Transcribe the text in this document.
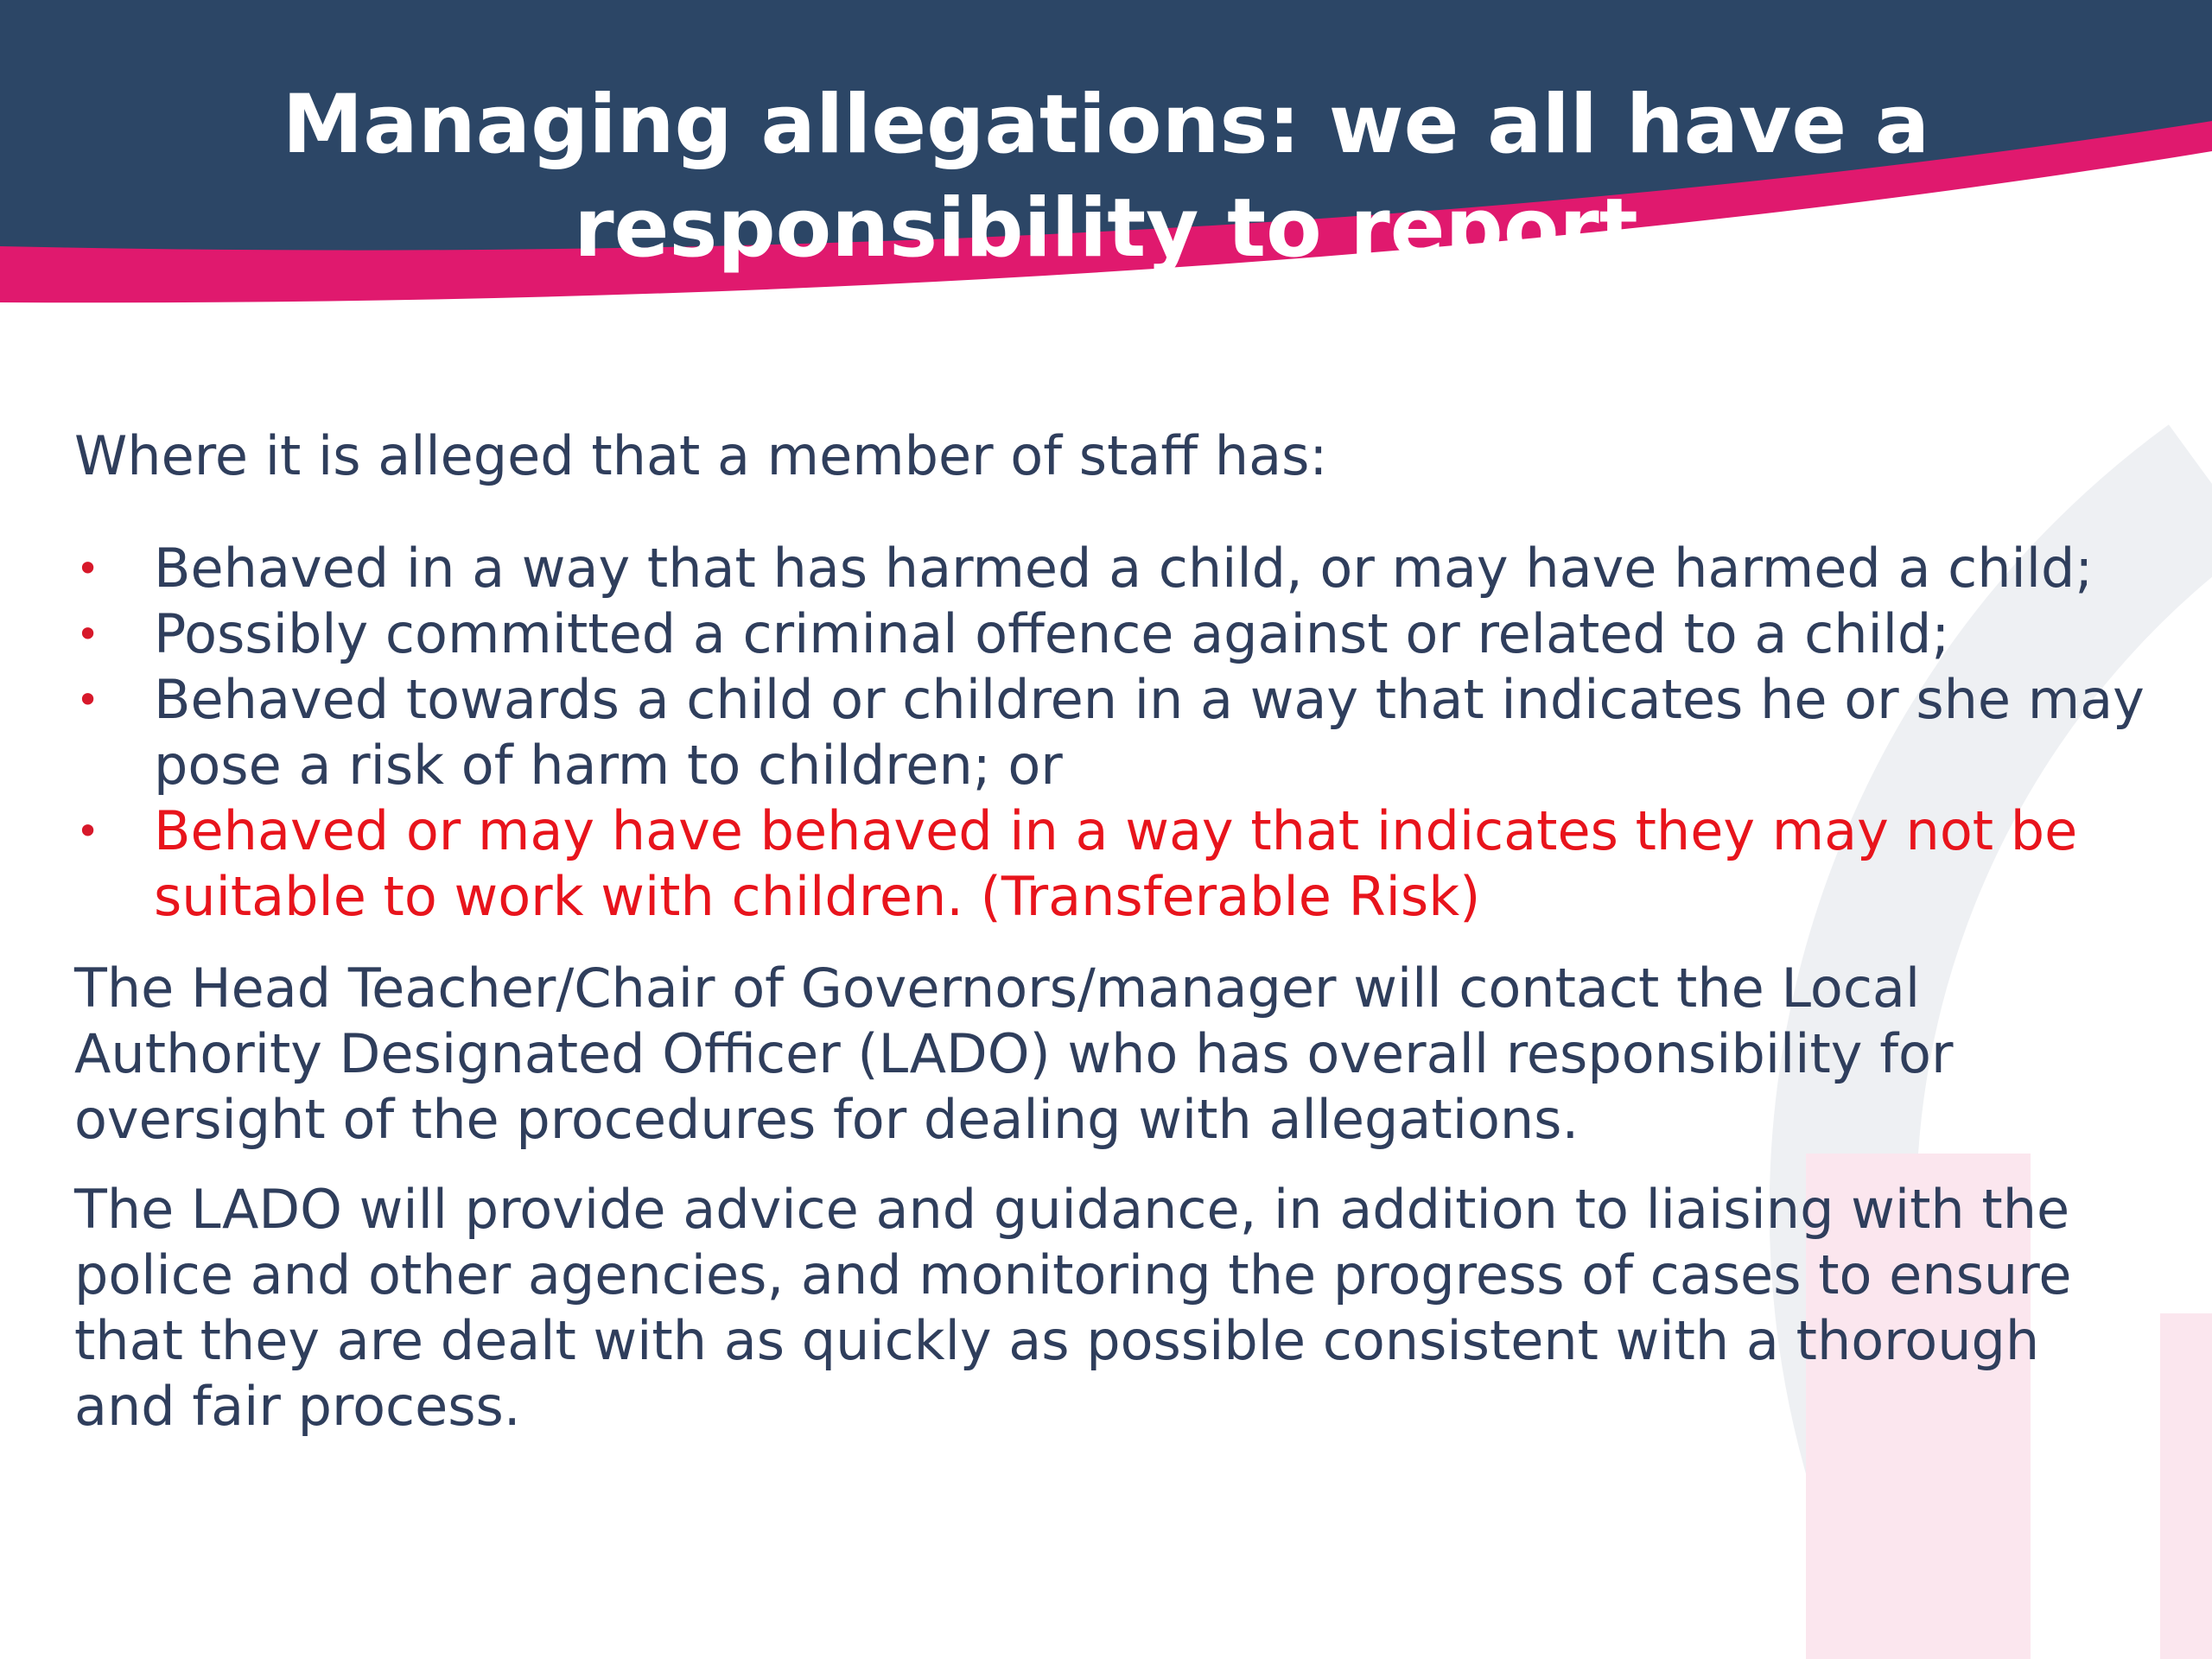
Managing allegations: we all have a
responsibility to report

Where it is alleged that a member of staff has:

• Behaved in a way that has harmed a child, or may have harmed a child;
• Possibly committed a criminal offence against or related to a child;
• Behaved towards a child or children in a way that indicates he or she may pose a risk of harm to children; or
• Behaved or may have behaved in a way that indicates they may not be suitable to work with children. (Transferable Risk)

The Head Teacher/Chair of Governors/manager will contact the Local Authority Designated Officer (LADO) who has overall responsibility for oversight of the procedures for dealing with allegations.

The LADO will provide advice and guidance, in addition to liaising with the police and other agencies, and monitoring the progress of cases to ensure that they are dealt with as quickly as possible consistent with a thorough and fair process.
